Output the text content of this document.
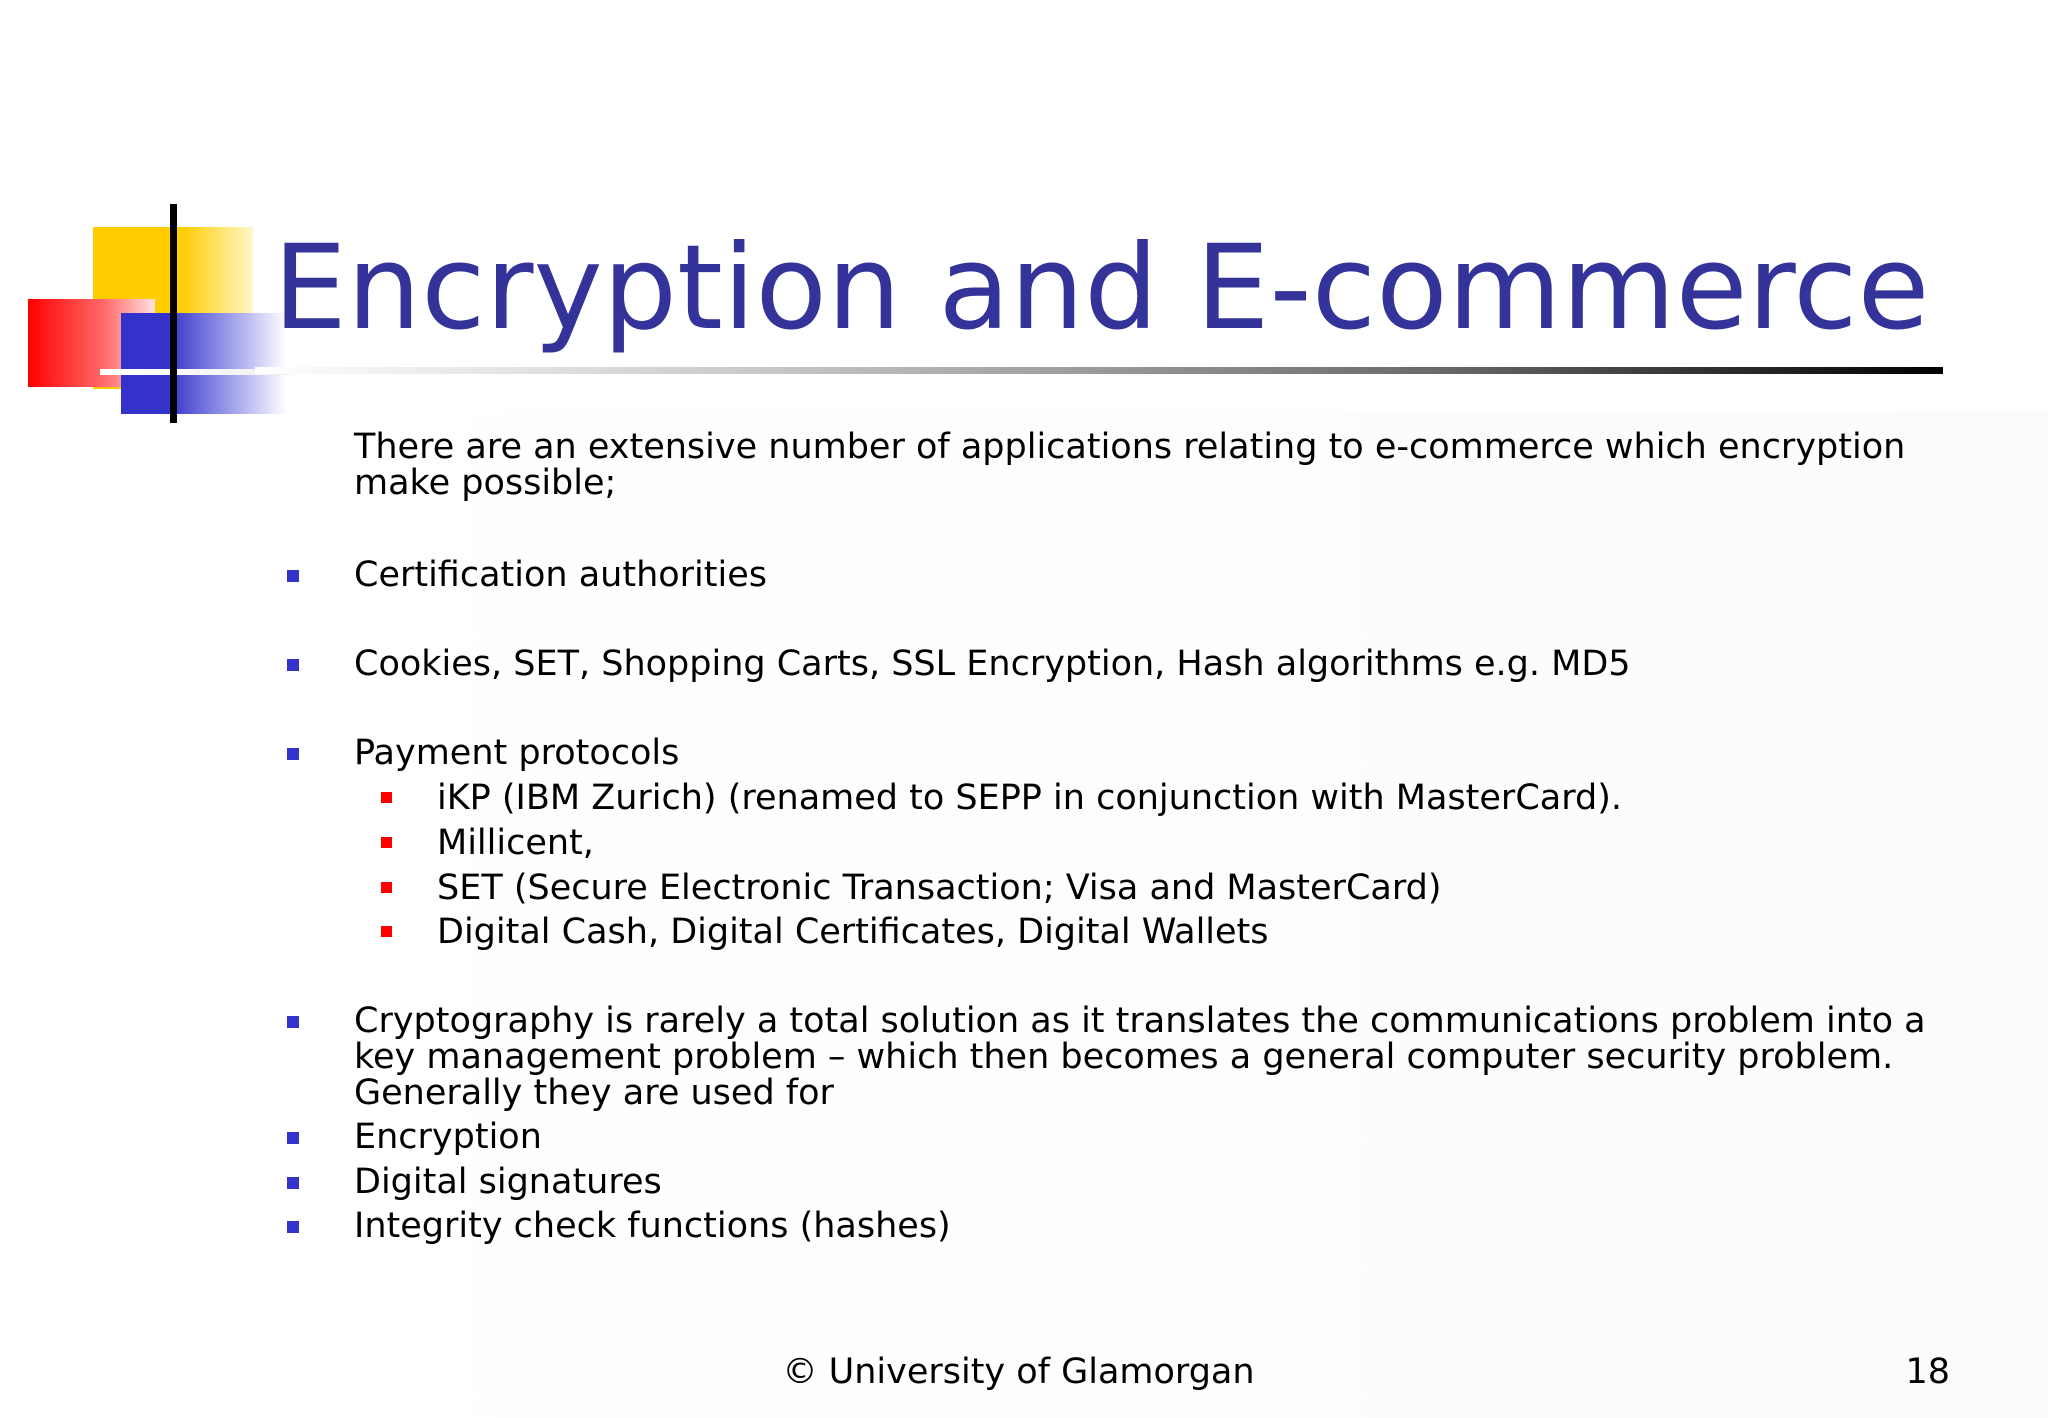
Encryption and E-commerce
There are an extensive number of applications relating to e-commerce which encryption make possible;
Certification authorities
Cookies, SET, Shopping Carts, SSL Encryption, Hash algorithms e.g. MD5
Payment protocols
iKP (IBM Zurich) (renamed to SEPP in conjunction with MasterCard).
Millicent,
SET (Secure Electronic Transaction; Visa and MasterCard)
Digital Cash, Digital Certificates, Digital Wallets
Cryptography is rarely a total solution as it translates the communications problem into a key management problem – which then becomes a general computer security problem. Generally they are used for
Encryption
Digital signatures
Integrity check functions (hashes)
© University of Glamorgan	18
